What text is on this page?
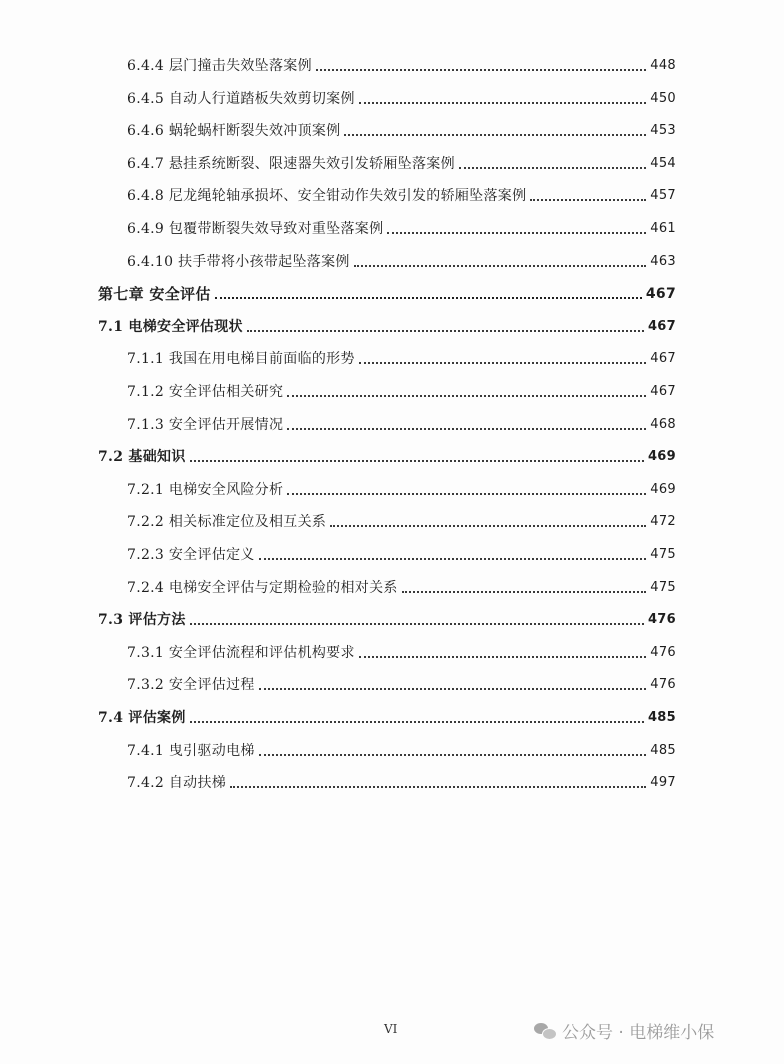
6.4.4 层门撞击失效坠落案例	448
6.4.5 自动人行道踏板失效剪切案例	450
6.4.6 蜗轮蜗杆断裂失效冲顶案例	453
6.4.7 悬挂系统断裂、限速器失效引发轿厢坠落案例	454
6.4.8 尼龙绳轮轴承损坏、安全钳动作失效引发的轿厢坠落案例	457
6.4.9 包覆带断裂失效导致对重坠落案例	461
6.4.10 扶手带将小孩带起坠落案例	463
第七章 安全评估	467
7.1 电梯安全评估现状	467
7.1.1 我国在用电梯目前面临的形势	467
7.1.2 安全评估相关研究	467
7.1.3 安全评估开展情况	468
7.2 基础知识	469
7.2.1 电梯安全风险分析	469
7.2.2 相关标准定位及相互关系	472
7.2.3 安全评估定义	475
7.2.4 电梯安全评估与定期检验的相对关系	475
7.3 评估方法	476
7.3.1 安全评估流程和评估机构要求	476
7.3.2 安全评估过程	476
7.4 评估案例	485
7.4.1 曳引驱动电梯	485
7.4.2 自动扶梯	497
VI	公众号 · 电梯维小保
